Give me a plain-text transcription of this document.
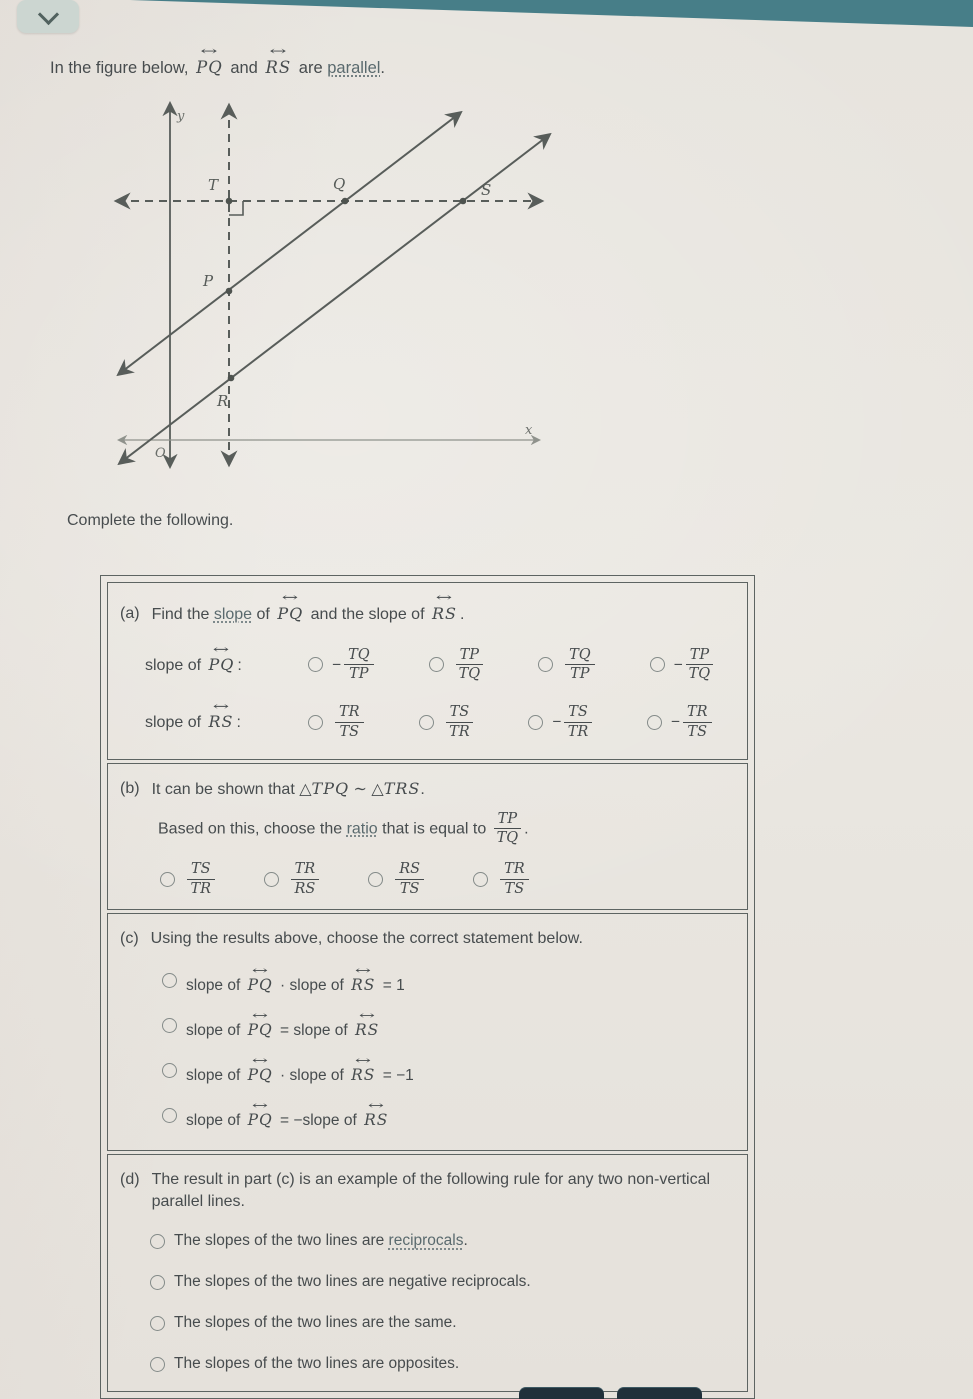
In the figure below,
↔
PQ and
↔
RS are parallel.
y
x
O
T	Q	S
P
R
Complete the following.
(a) Find the slope of
↔
PQ and the slope of
↔
RS .
slope of
↔
PQ :	− $\frac{TQ}{TP}$	$\frac{TP}{TQ}$	$\frac{TQ}{TP}$	− $\frac{TP}{TQ}$
slope of
↔
RS :	$\frac{TR}{TS}$	$\frac{TS}{TR}$	− $\frac{TS}{TR}$	− $\frac{TR}{TS}$
(b) It can be shown that △TPQ ∼ △TRS.
Based on this, choose the ratio that is equal to $\frac{TP}{TQ}$ .
$\frac{TS}{TR}$	$\frac{TR}{RS}$	$\frac{RS}{TS}$	$\frac{TR}{TS}$
(c) Using the results above, choose the correct statement below.
slope of
↔
PQ · slope of
↔
RS = 1
slope of
↔
PQ = slope of
↔
RS
slope of
↔
PQ · slope of
↔
RS = −1
slope of
↔
PQ = −slope of
↔
RS
(d) The result in part (c) is an example of the following rule for any two non-vertical parallel lines.
The slopes of the two lines are reciprocals.
The slopes of the two lines are negative reciprocals.
The slopes of the two lines are the same.
The slopes of the two lines are opposites.
